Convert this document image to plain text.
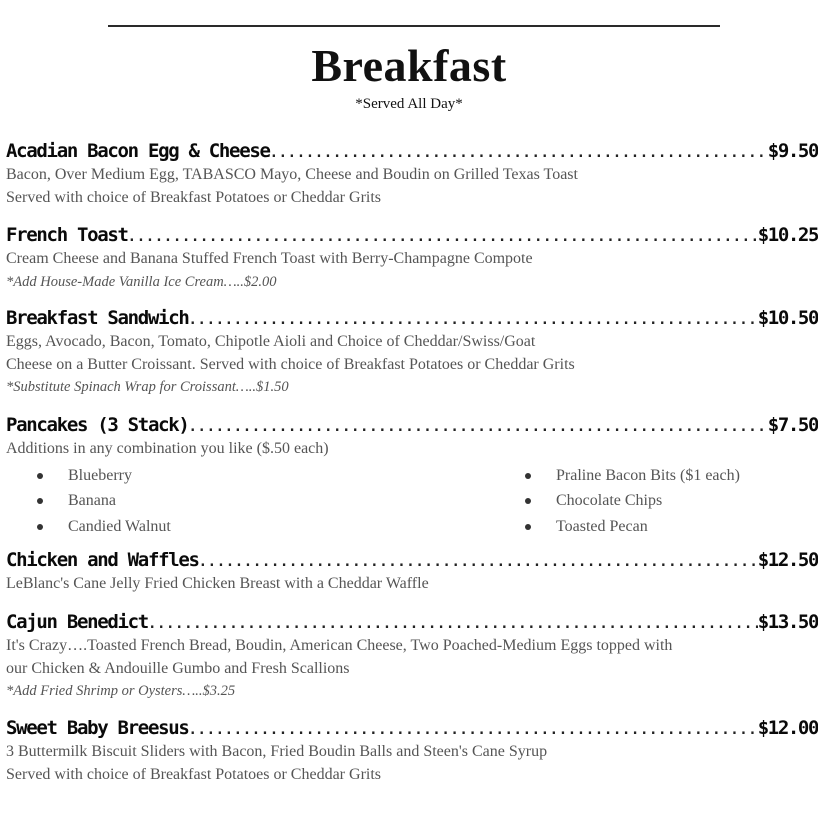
Breakfast
*Served All Day*
Acadian Bacon Egg & Cheese .....	$9.50
Bacon, Over Medium Egg, TABASCO Mayo, Cheese and Boudin on Grilled Texas Toast
Served with choice of Breakfast Potatoes or Cheddar Grits
French Toast .....	$10.25
Cream Cheese and Banana Stuffed French Toast with Berry-Champagne Compote
*Add House-Made Vanilla Ice Cream…..$2.00
Breakfast Sandwich .....	$10.50
Eggs, Avocado, Bacon, Tomato, Chipotle Aioli and Choice of Cheddar/Swiss/Goat
Cheese on a Butter Croissant. Served with choice of Breakfast Potatoes or Cheddar Grits
*Substitute Spinach Wrap for Croissant…..$1.50
Pancakes (3 Stack) .....	$7.50
Additions in any combination you like ($.50 each)
Blueberry
Banana
Candied Walnut
Praline Bacon Bits ($1 each)
Chocolate Chips
Toasted Pecan
Chicken and Waffles .....	$12.50
LeBlanc's Cane Jelly Fried Chicken Breast with a Cheddar Waffle
Cajun Benedict .....	$13.50
It's Crazy….Toasted French Bread, Boudin, American Cheese, Two Poached-Medium Eggs topped with
our Chicken & Andouille Gumbo and Fresh Scallions
*Add Fried Shrimp or Oysters…..$3.25
Sweet Baby Breesus .....	$12.00
3 Buttermilk Biscuit Sliders with Bacon, Fried Boudin Balls and Steen's Cane Syrup
Served with choice of Breakfast Potatoes or Cheddar Grits
